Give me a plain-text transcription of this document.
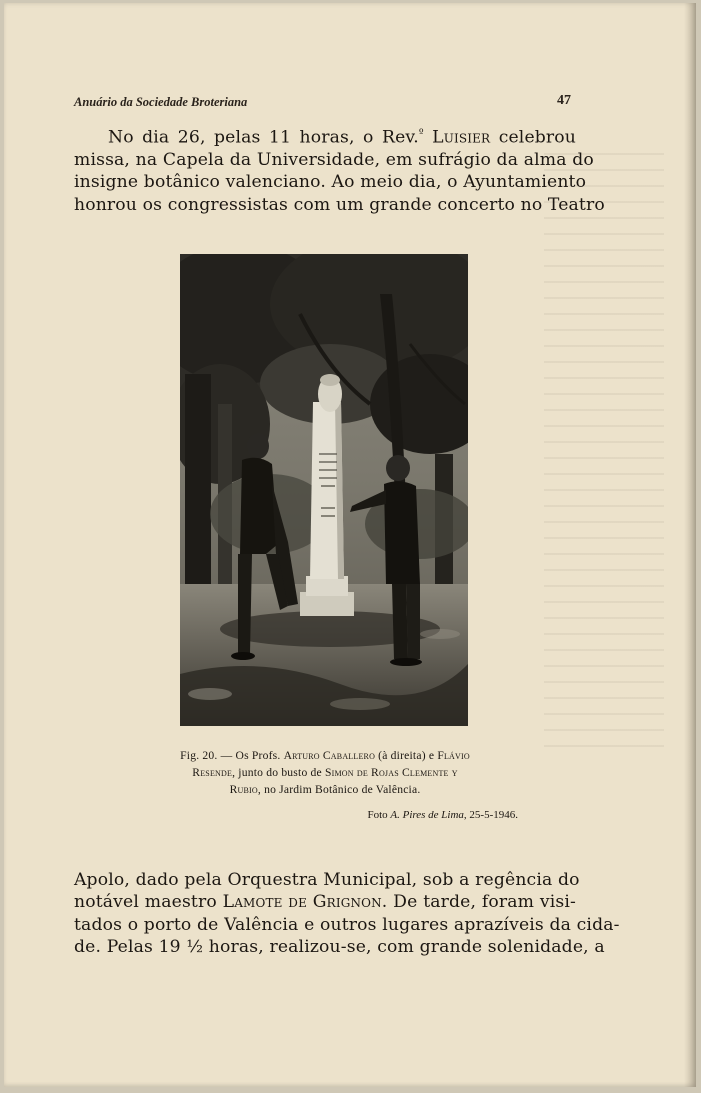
Anuário da Sociedade Broteriana	47
No dia 26, pelas 11 horas, o Rev.$^º$ Luisier celebrou
missa, na Capela da Universidade, em sufrágio da alma do
insigne botânico valenciano. Ao meio dia, o Ayuntamiento
honrou os congressistas com um grande concerto no Teatro
Fig. 20. — Os Profs. Arturo Caballero (à direita) e Flávio
Resende, junto do busto de Simon de Rojas Clemente y
Rubio, no Jardim Botânico de Valência.
Foto A. Pires de Lima, 25-5-1946.
Apolo, dado pela Orquestra Municipal, sob a regência do
notável maestro Lamote de Grignon. De tarde, foram visi-
tados o porto de Valência e outros lugares aprazíveis da cida-
de. Pelas 19 ½ horas, realizou-se, com grande solenidade, a
